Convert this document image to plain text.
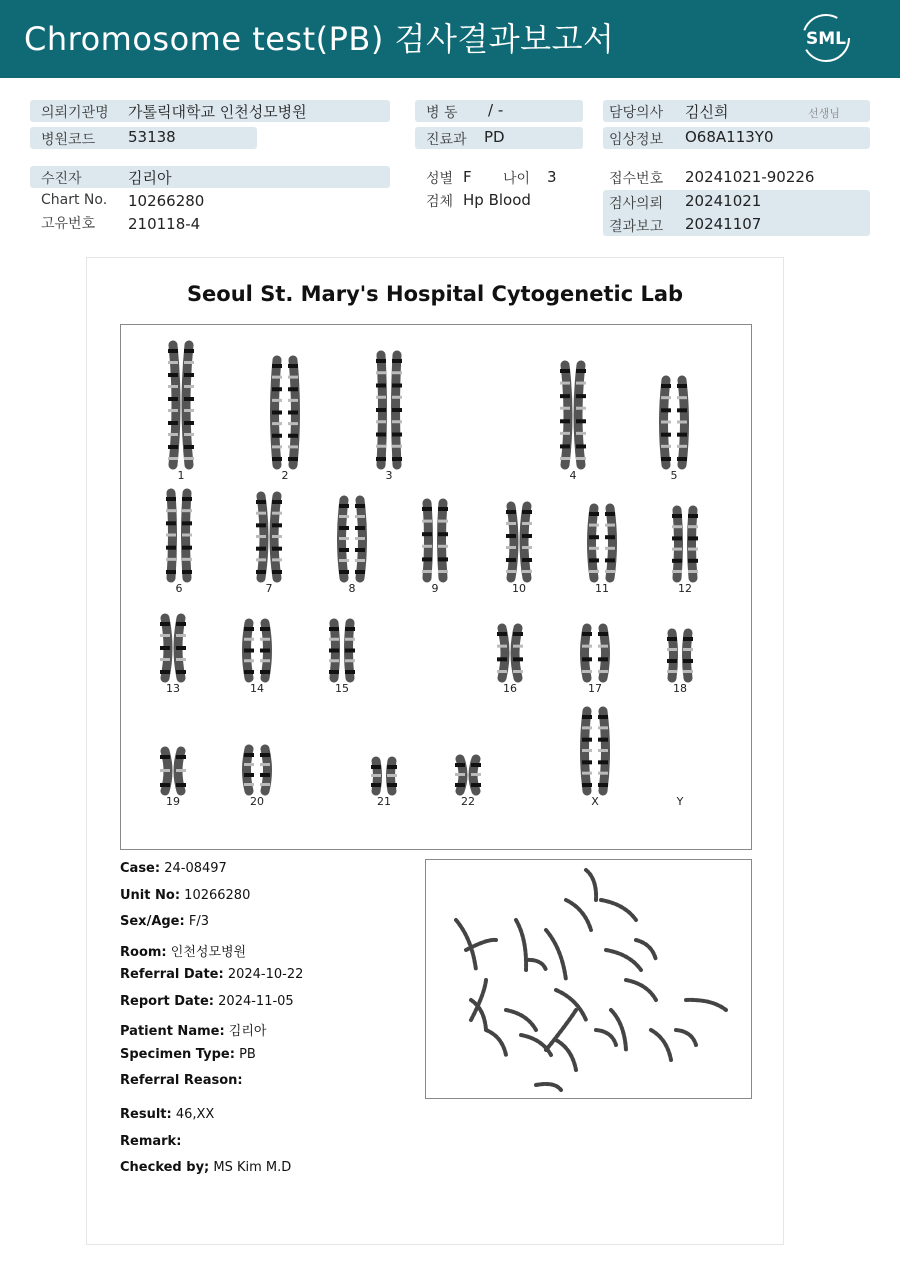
Chromosome test(PB) 검사결과보고서	SML
의뢰기관명 가톨릭대학교 인천성모병원
병원코드 53138
병 동 / -
진료과 PD
담당의사 김신희	선생님
임상정보 O68A113Y0
수진자	김리아
Chart No. 10266280
고유번호 210118-4
성별 F 나이 3
검체 Hp Blood
접수번호 20241021-90226
검사의뢰 20241021
결과보고 20241107
Seoul St. Mary's Hospital Cytogenetic Lab
1	2	3	4	5
6	7	8	9	10	11	12
13	14	15	16	17	18
19	20	21	22	X	Y
Case: 24-08497
Unit No: 10266280
Sex/Age: F/3
Room: 인천성모병원
Referral Date: 2024-10-22
Report Date: 2024-11-05
Patient Name: 김리아
Specimen Type: PB
Referral Reason:
Result: 46,XX
Remark:
Checked by; MS Kim M.D
